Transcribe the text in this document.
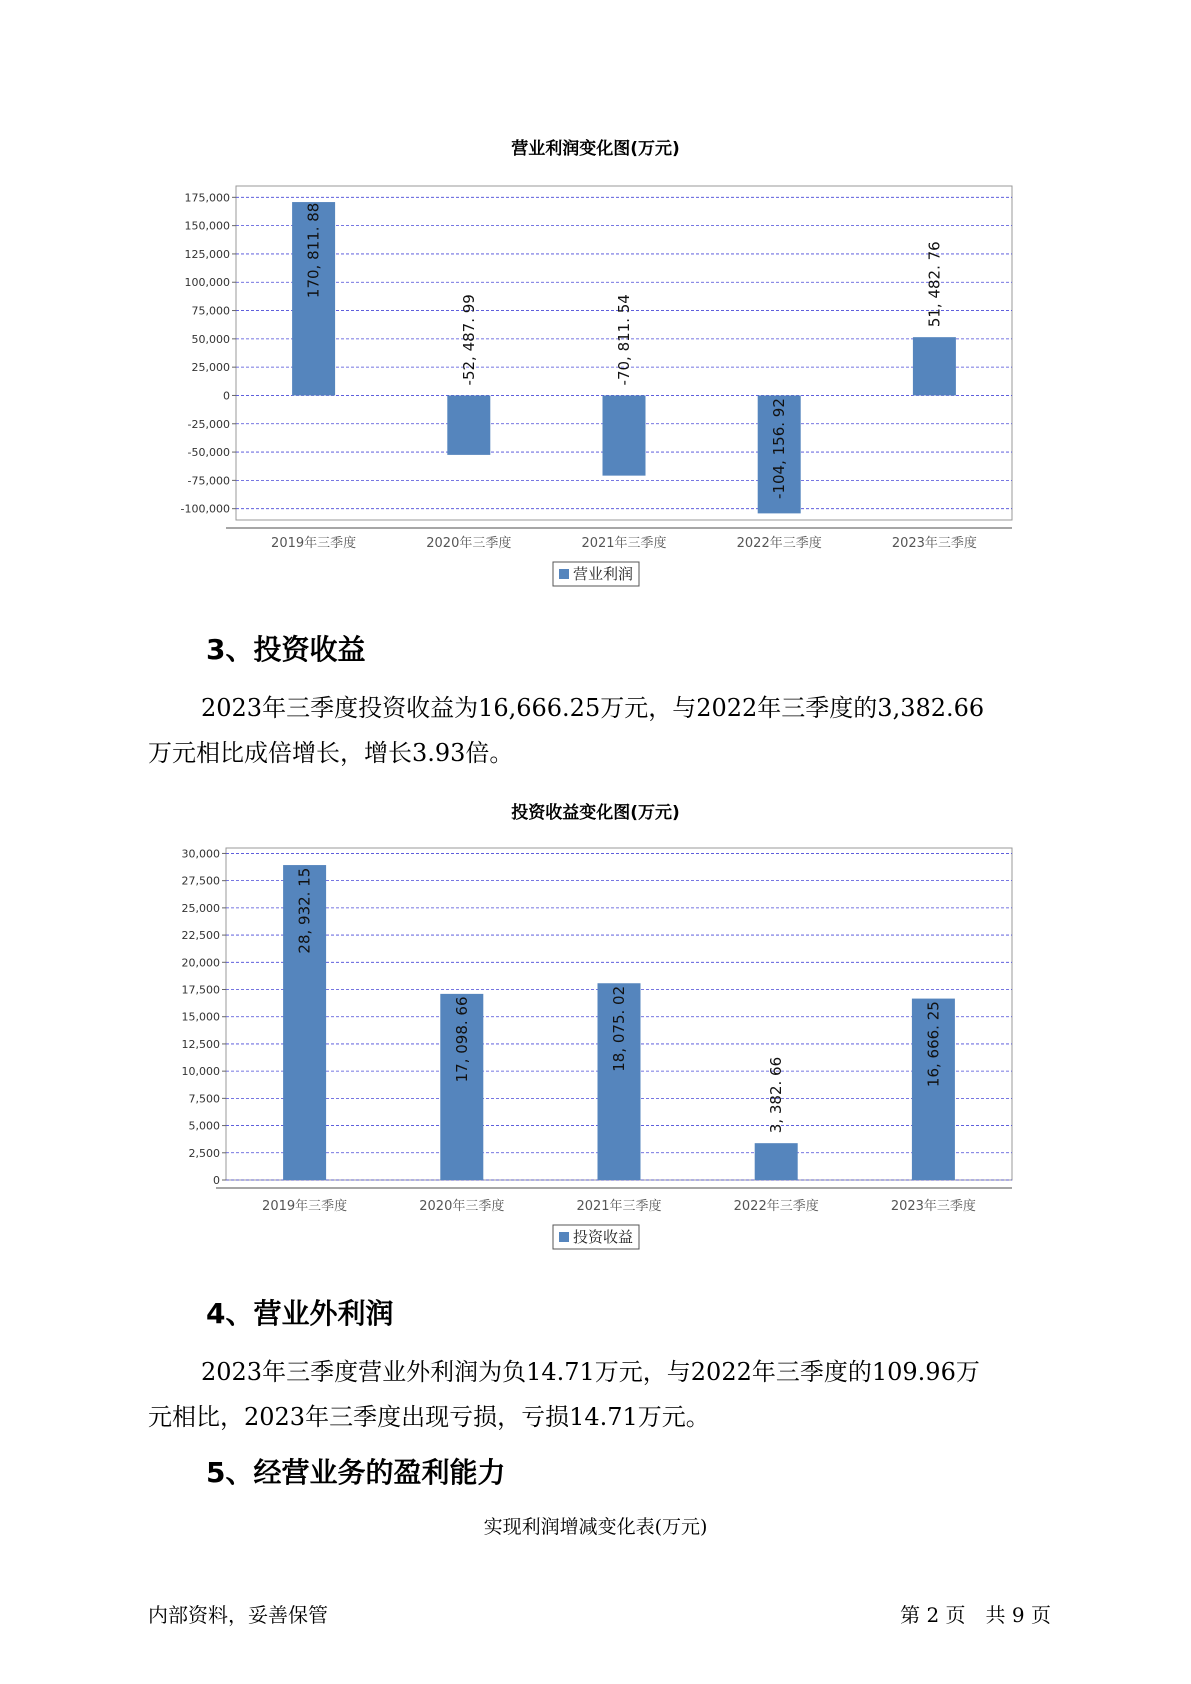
营业利润变化图(万元)
175,000
150,000
125,000
100,000
75,000
50,000
25,000
0
-25,000
-50,000
-75,000
-100,000
170, 811. 88
2019年三季度
-52, 487. 99
2020年三季度
-70, 811. 54
2021年三季度
-104, 156. 92
2022年三季度
51, 482. 76
2023年三季度
营业利润
3、投资收益
2023年三季度投资收益为16,666.25万元，与2022年三季度的3,382.66
万元相比成倍增长，增长3.93倍。
投资收益变化图(万元)
30,000
27,500
25,000
22,500
20,000
17,500
15,000
12,500
10,000
7,500
5,000
2,500
0
28, 932. 15
2019年三季度
17, 098. 66
2020年三季度
18, 075. 02
2021年三季度
3, 382. 66
2022年三季度
16, 666. 25
2023年三季度
投资收益
4、营业外利润
2023年三季度营业外利润为负14.71万元，与2022年三季度的109.96万
元相比，2023年三季度出现亏损，亏损14.71万元。
5、经营业务的盈利能力
实现利润增减变化表(万元)
内部资料，妥善保管	第 2 页　共 9 页
